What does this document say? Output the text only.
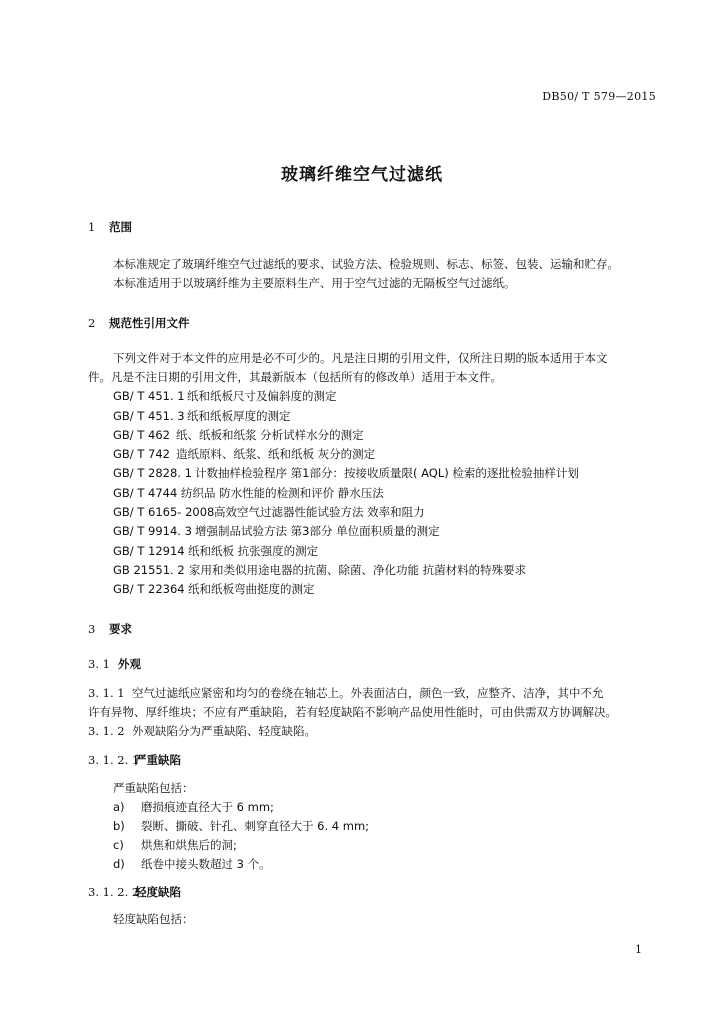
DB50/ T 579—2015
玻璃纤维空气过滤纸
1 范围
本标准规定了玻璃纤维空气过滤纸的要求、试验方法、检验规则、标志、标签、包装、运输和贮存。
本标准适用于以玻璃纤维为主要原料生产、用于空气过滤的无隔板空气过滤纸。
2 规范性引用文件
下列文件对于本文件的应用是必不可少的。凡是注日期的引用文件，仅所注日期的版本适用于本文
件。凡是不注日期的引用文件，其最新版本（包括所有的修改单）适用于本文件。
GB/ T 451. 1 纸和纸板尺寸及偏斜度的测定
GB/ T 451. 3 纸和纸板厚度的测定
GB/ T 462 纸、纸板和纸浆 分析试样水分的测定
GB/ T 742 造纸原料、纸浆、纸和纸板 灰分的测定
GB/ T 2828. 1 计数抽样检验程序 第1部分：按接收质量限( AQL) 检索的逐批检验抽样计划
GB/ T 4744 纺织品 防水性能的检测和评价 静水压法
GB/ T 6165- 2008高效空气过滤器性能试验方法 效率和阻力
GB/ T 9914. 3 增强制品试验方法 第3部分 单位面积质量的测定
GB/ T 12914 纸和纸板 抗张强度的测定
GB 21551. 2 家用和类似用途电器的抗菌、除菌、净化功能 抗菌材料的特殊要求
GB/ T 22364 纸和纸板弯曲挺度的测定
3 要求
3. 1 外观
3. 1. 1 空气过滤纸应紧密和均匀的卷绕在轴芯上。外表面洁白，颜色一致，应整齐、洁净，其中不允
许有异物、厚纤维块；不应有严重缺陷，若有轻度缺陷不影响产品使用性能时，可由供需双方协调解决。
3. 1. 2 外观缺陷分为严重缺陷、轻度缺陷。
3. 1. 2. 1严重缺陷
严重缺陷包括：
a) 磨损痕迹直径大于 6 mm;
b) 裂断、撕破、针孔、刺穿直径大于 6. 4 mm;
c) 烘焦和烘焦后的洞;
d) 纸卷中接头数超过 3 个。
3. 1. 2. 2轻度缺陷
轻度缺陷包括：
1
